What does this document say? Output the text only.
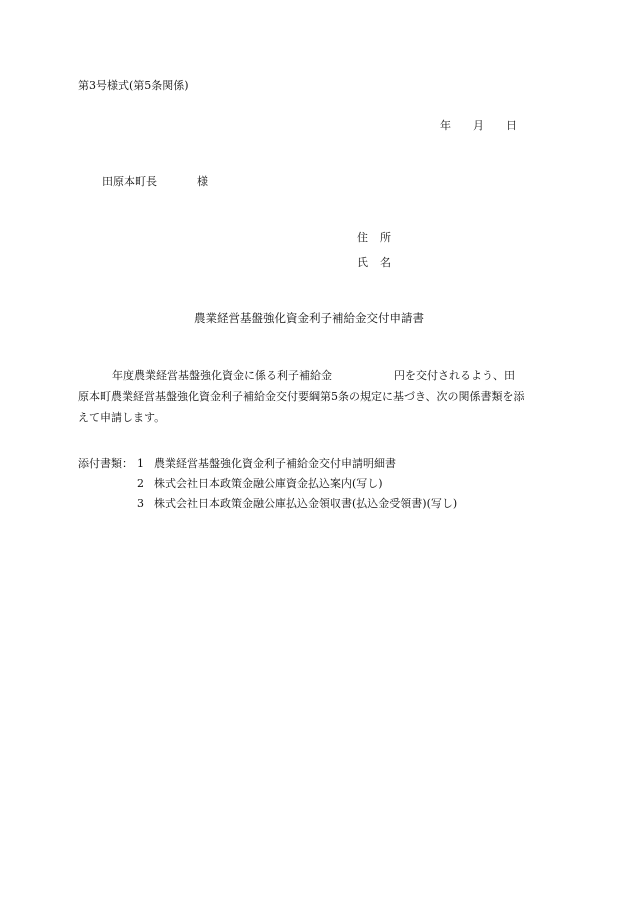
第3号様式(第5条関係)
年 月 日
田原本町長	様
住 所
氏 名
農業経営基盤強化資金利子補給金交付申請書
年度農業経営基盤強化資金に係る利子補給金	円を交付されるよう、田
原本町農業経営基盤強化資金利子補給金交付要綱第5条の規定に基づき、次の関係書類を添
えて申請します。
添付書類： 1 農業経営基盤強化資金利子補給金交付申請明細書
2 株式会社日本政策金融公庫資金払込案内(写し)
3 株式会社日本政策金融公庫払込金領収書(払込金受領書)(写し)
